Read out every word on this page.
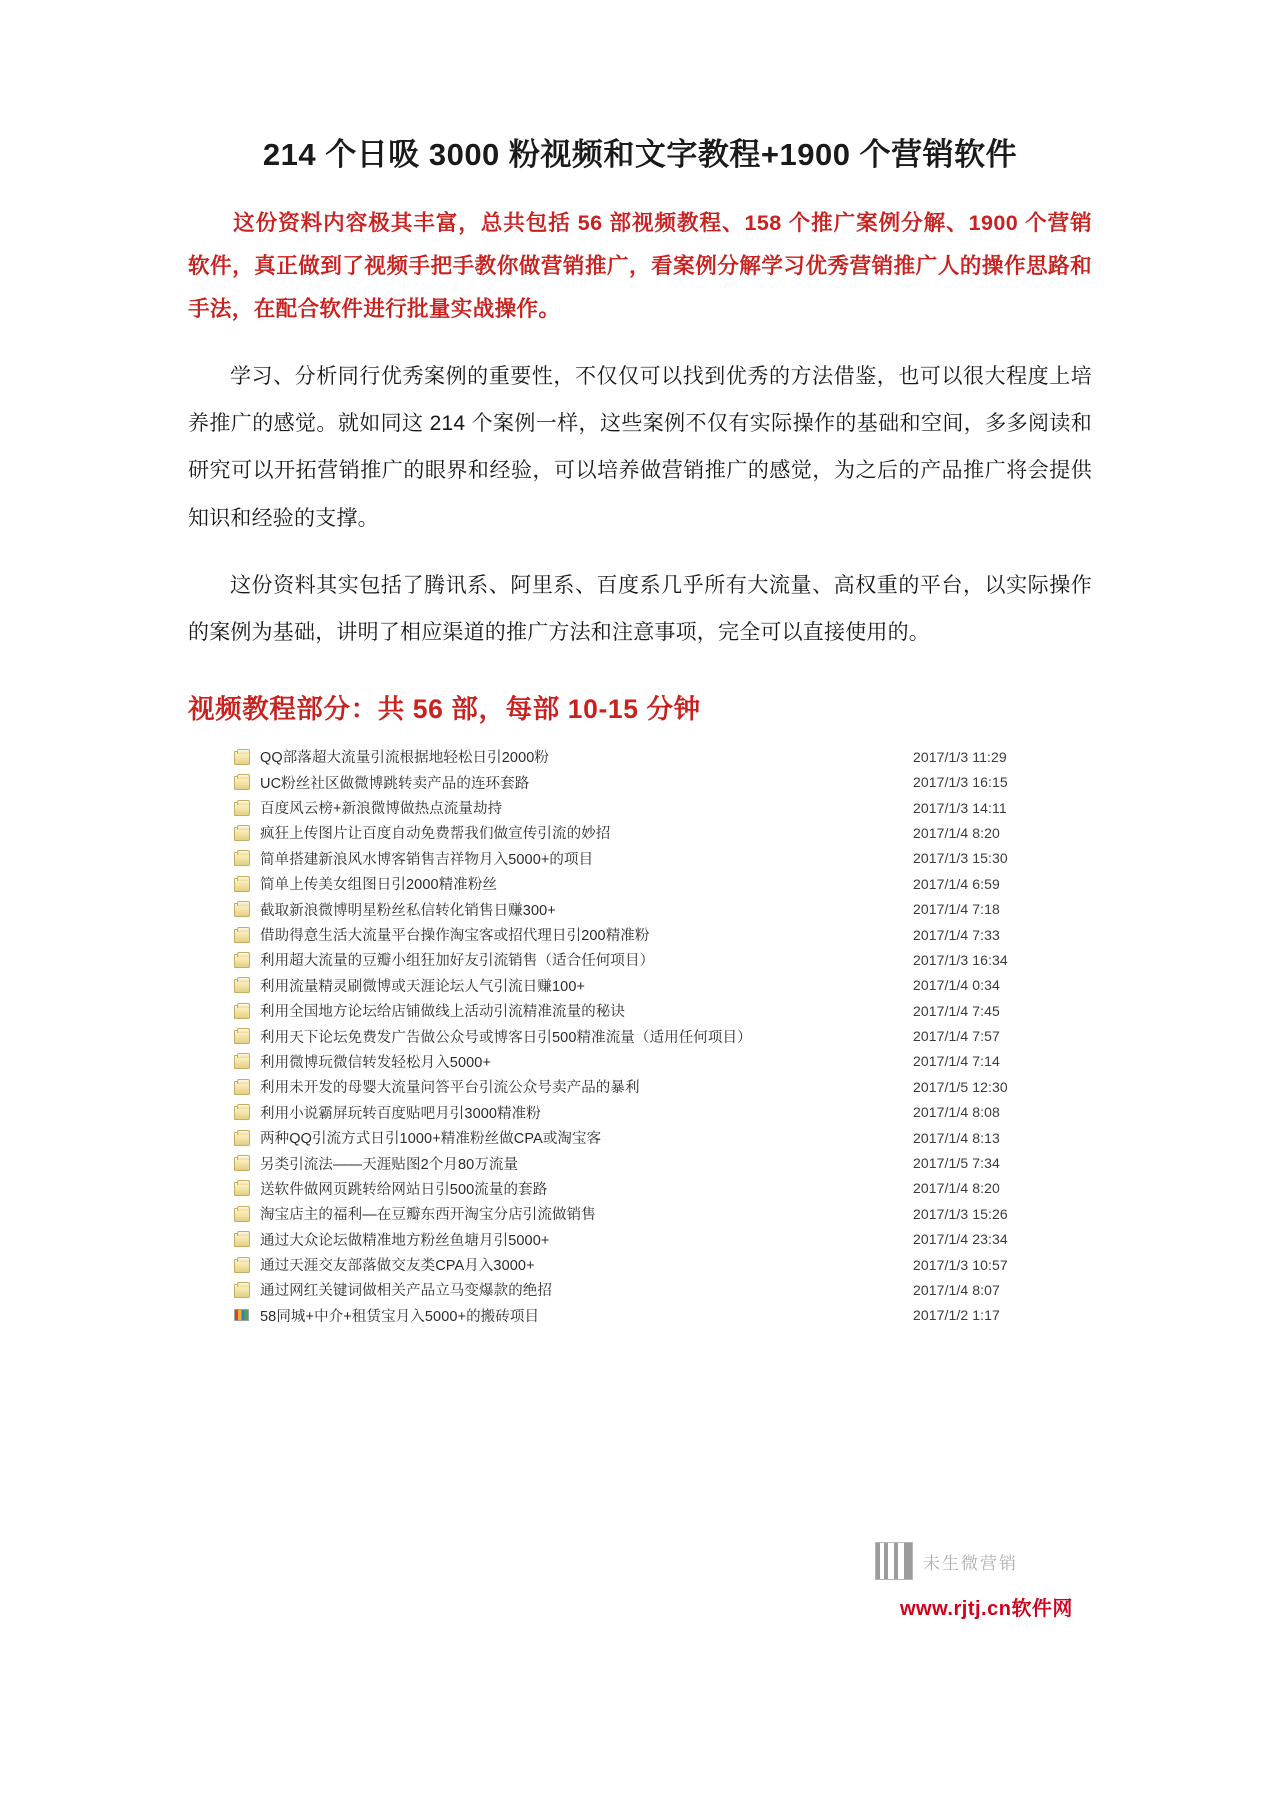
214 个日吸 3000 粉视频和文字教程+1900 个营销软件

这份资料内容极其丰富，总共包括 56 部视频教程、158 个推广案例分解、1900 个营销软件，真正做到了视频手把手教你做营销推广，看案例分解学习优秀营销推广人的操作思路和手法，在配合软件进行批量实战操作。

学习、分析同行优秀案例的重要性，不仅仅可以找到优秀的方法借鉴，也可以很大程度上培养推广的感觉。就如同这 214 个案例一样，这些案例不仅有实际操作的基础和空间，多多阅读和研究可以开拓营销推广的眼界和经验，可以培养做营销推广的感觉，为之后的产品推广将会提供知识和经验的支撑。

这份资料其实包括了腾讯系、阿里系、百度系几乎所有大流量、高权重的平台，以实际操作的案例为基础，讲明了相应渠道的推广方法和注意事项，完全可以直接使用的。

视频教程部分：共 56 部，每部 10-15 分钟
QQ部落超大流量引流根据地轻松日引2000粉	2017/1/3 11:29
UC粉丝社区做微博跳转卖产品的连环套路	2017/1/3 16:15
百度风云榜+新浪微博做热点流量劫持	2017/1/3 14:11
疯狂上传图片让百度自动免费帮我们做宣传引流的妙招	2017/1/4 8:20
简单搭建新浪风水博客销售吉祥物月入5000+的项目	2017/1/3 15:30
简单上传美女组图日引2000精准粉丝	2017/1/4 6:59
截取新浪微博明星粉丝私信转化销售日赚300+	2017/1/4 7:18
借助得意生活大流量平台操作淘宝客或招代理日引200精准粉	2017/1/4 7:33
利用超大流量的豆瓣小组狂加好友引流销售（适合任何项目）	2017/1/3 16:34
利用流量精灵刷微博或天涯论坛人气引流日赚100+	2017/1/4 0:34
利用全国地方论坛给店铺做线上活动引流精准流量的秘诀	2017/1/4 7:45
利用天下论坛免费发广告做公众号或博客日引500精准流量（适用任何项目）	2017/1/4 7:57
利用微博玩微信转发轻松月入5000+	2017/1/4 7:14
利用未开发的母婴大流量问答平台引流公众号卖产品的暴利	2017/1/5 12:30
利用小说霸屏玩转百度贴吧月引3000精准粉	2017/1/4 8:08
两种QQ引流方式日引1000+精准粉丝做CPA或淘宝客	2017/1/4 8:13
另类引流法——天涯贴图2个月80万流量	2017/1/5 7:34
送软件做网页跳转给网站日引500流量的套路	2017/1/4 8:20
淘宝店主的福利—在豆瓣东西开淘宝分店引流做销售	2017/1/3 15:26
通过大众论坛做精准地方粉丝鱼塘月引5000+	2017/1/4 23:34
通过天涯交友部落做交友类CPA月入3000+	2017/1/3 10:57
通过网红关键词做相关产品立马变爆款的绝招	2017/1/4 8:07
58同城+中介+租赁宝月入5000+的搬砖项目	2017/1/2 1:17
未生微营销
www.rjtj.cn软件网
